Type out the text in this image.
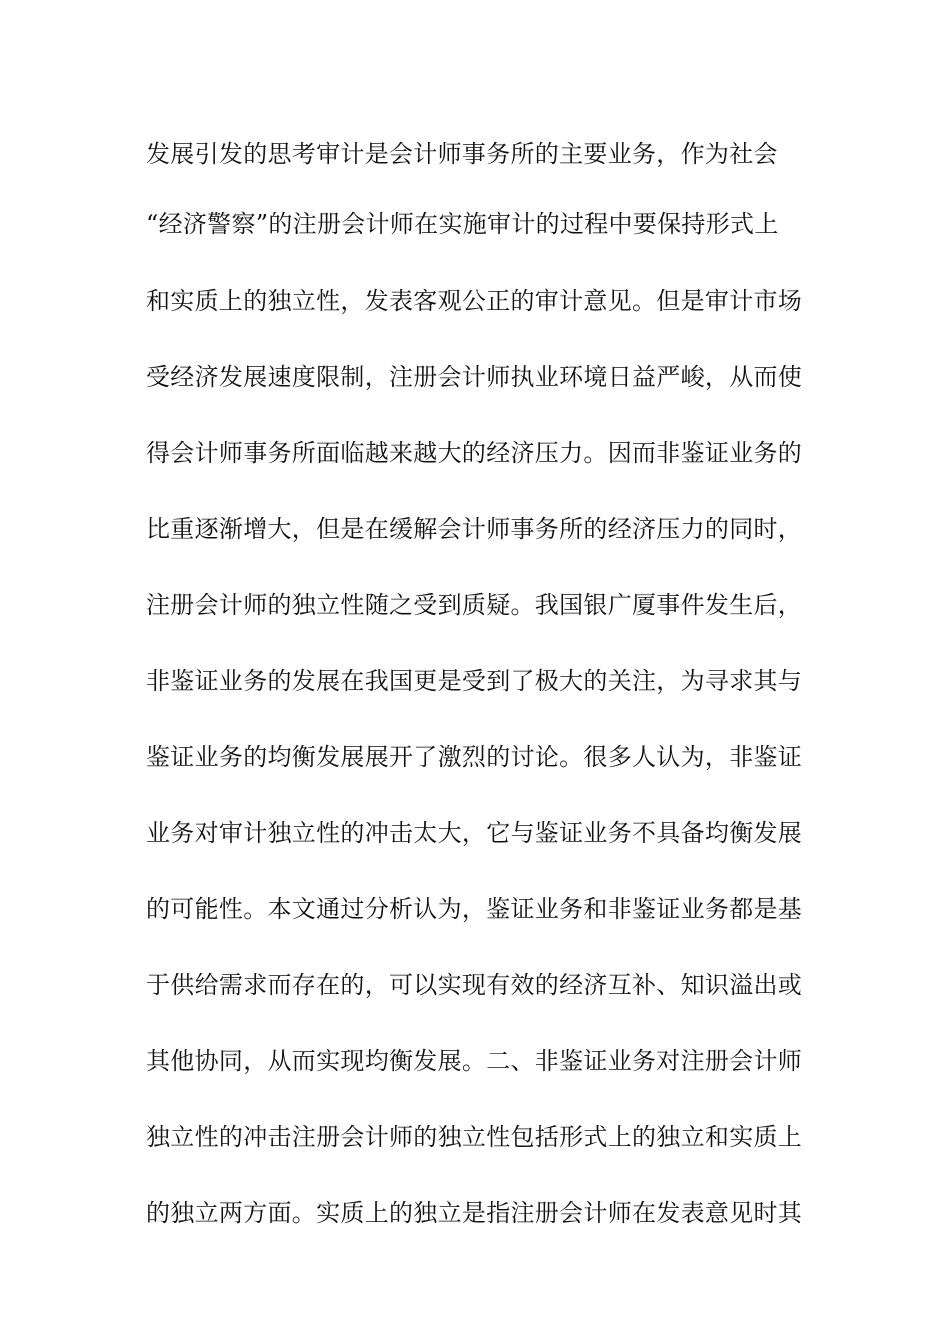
发展引发的思考审计是会计师事务所的主要业务，作为社会
“经济警察”的注册会计师在实施审计的过程中要保持形式上
和实质上的独立性，发表客观公正的审计意见。但是审计市场
受经济发展速度限制，注册会计师执业环境日益严峻，从而使
得会计师事务所面临越来越大的经济压力。因而非鉴证业务的
比重逐渐增大，但是在缓解会计师事务所的经济压力的同时，
注册会计师的独立性随之受到质疑。我国银广厦事件发生后，
非鉴证业务的发展在我国更是受到了极大的关注，为寻求其与
鉴证业务的均衡发展展开了激烈的讨论。很多人认为，非鉴证
业务对审计独立性的冲击太大，它与鉴证业务不具备均衡发展
的可能性。本文通过分析认为，鉴证业务和非鉴证业务都是基
于供给需求而存在的，可以实现有效的经济互补、知识溢出或
其他协同，从而实现均衡发展。二、非鉴证业务对注册会计师
独立性的冲击注册会计师的独立性包括形式上的独立和实质上
的独立两方面。实质上的独立是指注册会计师在发表意见时其
